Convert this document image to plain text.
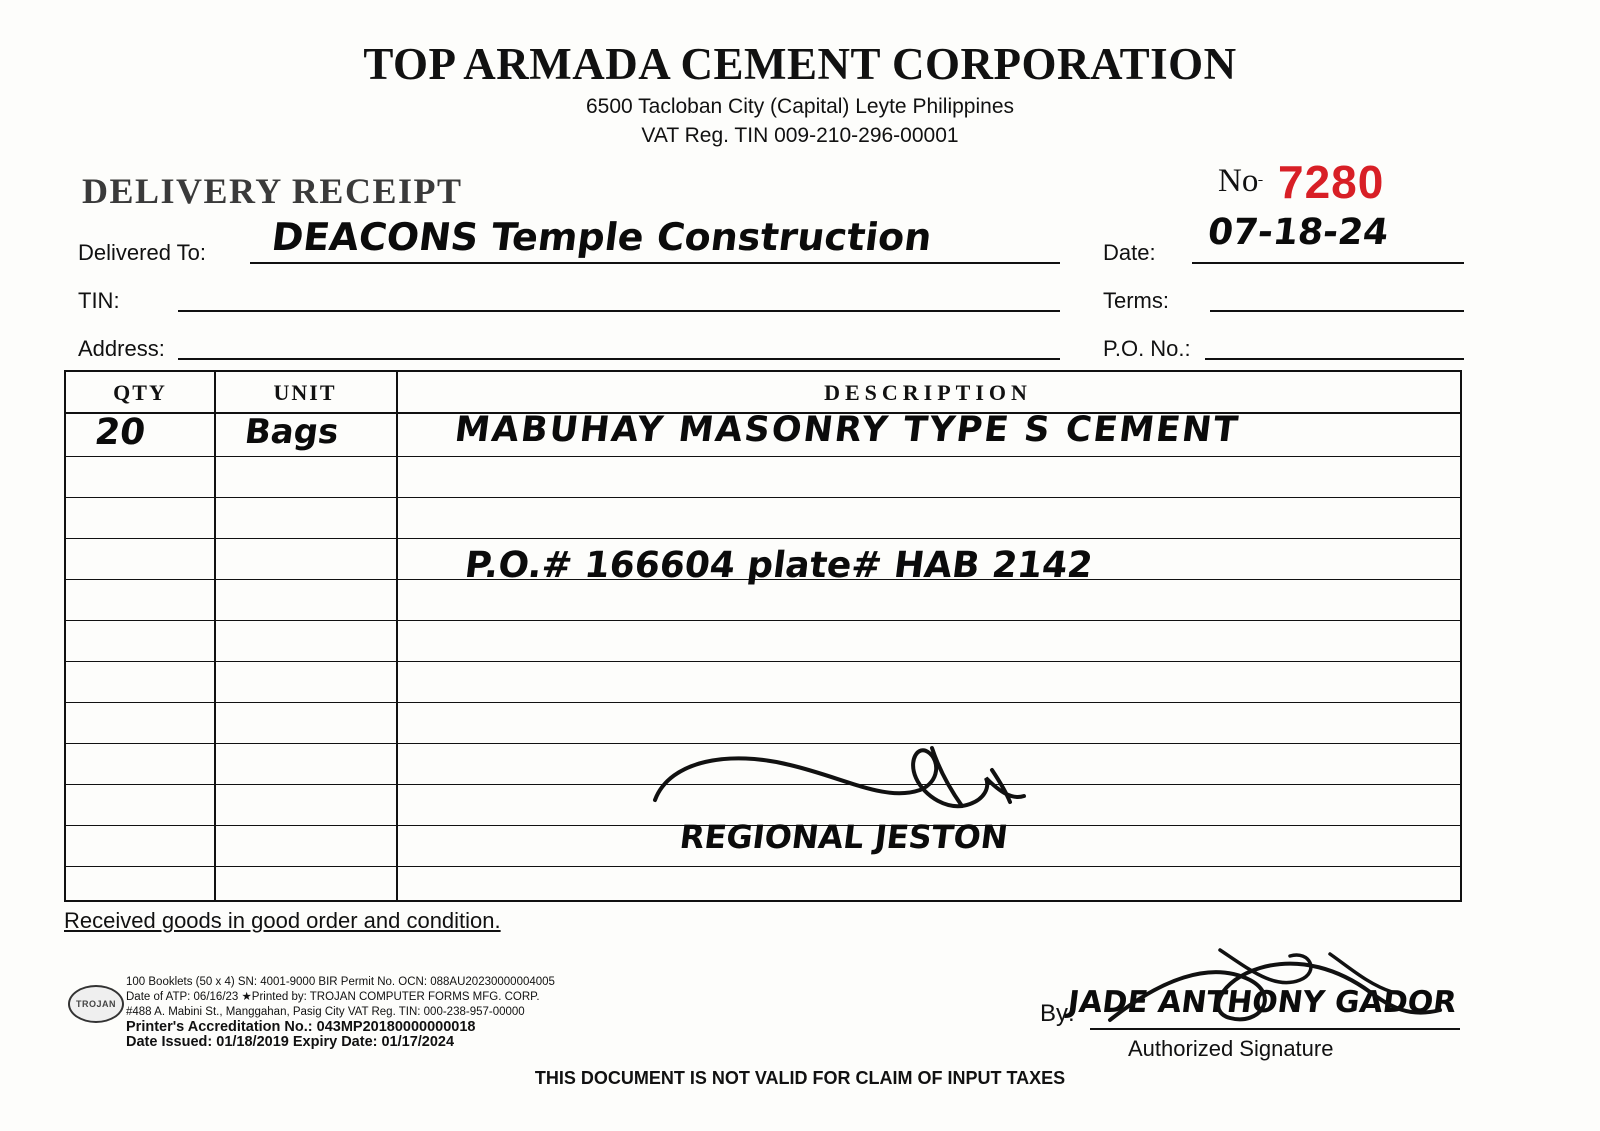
TOP ARMADA CEMENT CORPORATION
6500 Tacloban City (Capital) Leyte Philippines
VAT Reg. TIN 009-210-296-00001
DELIVERY RECEIPT	No 7280
Delivered To: DEACONS Temple Construction
TIN:
Address:
Date: 07-18-24
Terms:
P.O. No.:
QTY	UNIT	DESCRIPTION
20	Bags	MABUHAY MASONRY TYPE S CEMENT
P.O.# 166604 plate# HAB 2142
REGIONAL JESTON
Received goods in good order and condition.
TROJAN
100 Booklets (50 x 4) SN: 4001-9000 BIR Permit No. OCN: 088AU20230000004005
Date of ATP: 06/16/23 ★Printed by: TROJAN COMPUTER FORMS MFG. CORP.
#488 A. Mabini St., Manggahan, Pasig City VAT Reg. TIN: 000-238-957-00000
Printer's Accreditation No.: 043MP20180000000018
Date Issued: 01/18/2019 Expiry Date: 01/17/2024
By:
JADE ANTHONY GADOR
Authorized Signature
THIS DOCUMENT IS NOT VALID FOR CLAIM OF INPUT TAXES
